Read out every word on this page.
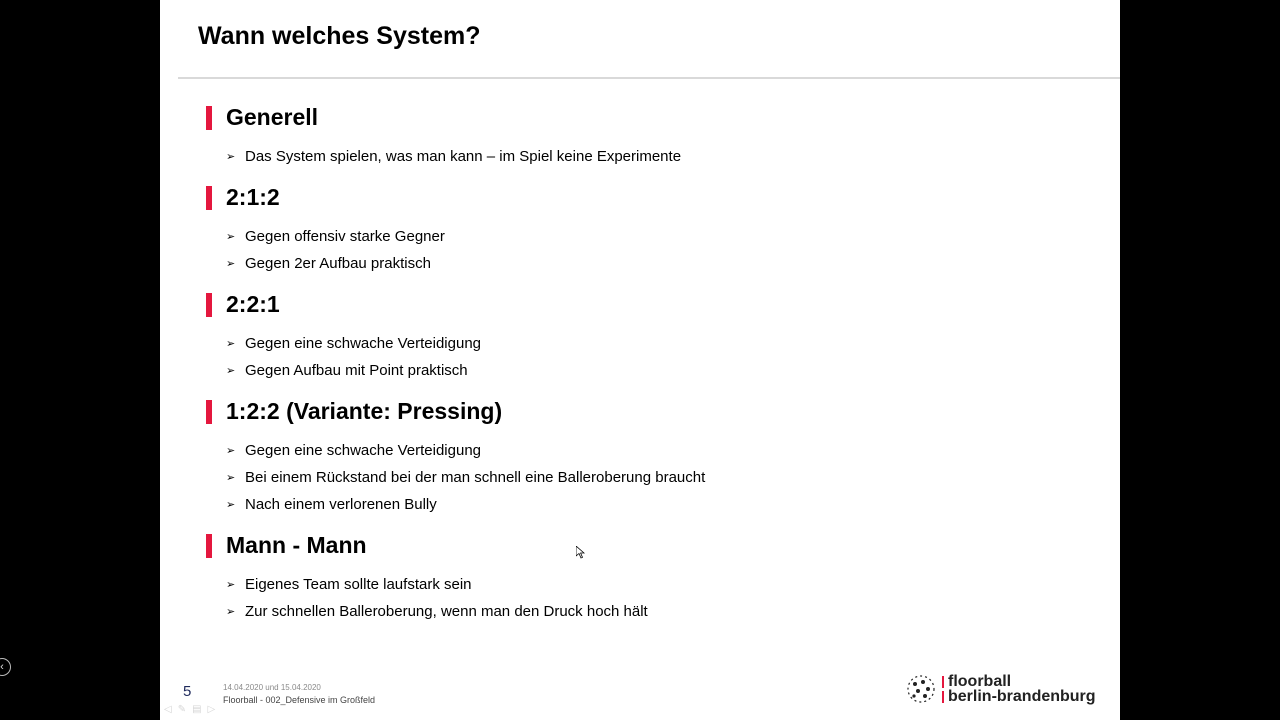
‹
Wann welches System?
Generell
➢ Das System spielen, was man kann – im Spiel keine Experimente
2:1:2
➢ Gegen offensiv starke Gegner
➢ Gegen 2er Aufbau praktisch
2:2:1
➢ Gegen eine schwache Verteidigung
➢ Gegen Aufbau mit Point praktisch
1:2:2 (Variante: Pressing)
➢ Gegen eine schwache Verteidigung
➢ Bei einem Rückstand bei der man schnell eine Balleroberung braucht
➢ Nach einem verlorenen Bully
Mann - Mann
➢ Eigenes Team sollte laufstark sein
➢ Zur schnellen Balleroberung, wenn man den Druck hoch hält
5	14.04.2020 und 15.04.2020
Floorball - 002_Defensive im Großfeld
floorball
berlin-brandenburg
◁ ✎ ▤ ▷
